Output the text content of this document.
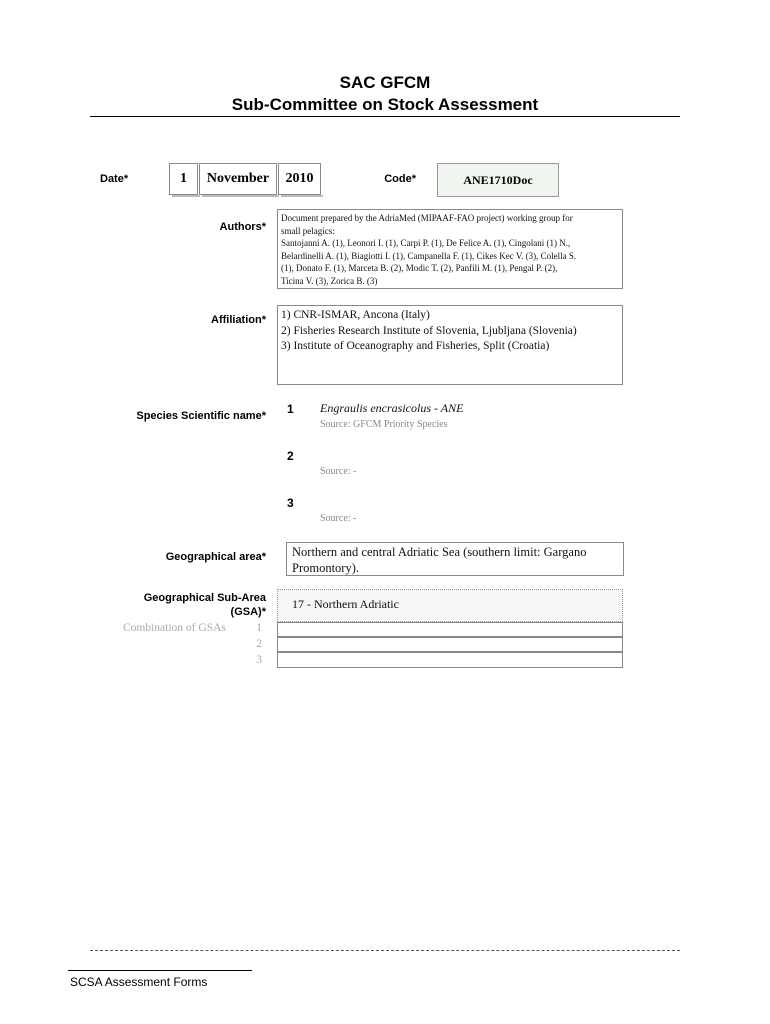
SAC GFCM
Sub-Committee on Stock Assessment
Date*	1	November	2010	Code*	ANE1710Doc
Authors*
Document prepared by the AdriaMed (MIPAAF-FAO project) working group for
small pelagics:
Santojanni A. (1), Leonori I. (1), Carpi P. (1), De Felice A. (1), Cingolani (1) N.,
Belardinelli A. (1), Biagiotti I. (1), Campanella F. (1), Cikes Kec V. (3), Colella S.
(1), Donato F. (1), Marceta B. (2), Modic T. (2), Panfili M. (1), Pengal P. (2),
Ticina V. (3), Zorica B. (3)
Affiliation* 1) CNR-ISMAR, Ancona (Italy)
2) Fisheries Research Institute of Slovenia, Ljubljana (Slovenia)
3) Institute of Oceanography and Fisheries, Split (Croatia)
Species Scientific name* 1 Engraulis encrasicolus - ANE
Source: GFCM Priority Species
2
Source: -
3
Source: -
Geographical area*	Northern and central Adriatic Sea (southern limit: Gargano Promontory).
Geographical Sub-Area
(GSA)*
17 - Northern Adriatic
Combination of GSAs	1
2
3
SCSA Assessment Forms
